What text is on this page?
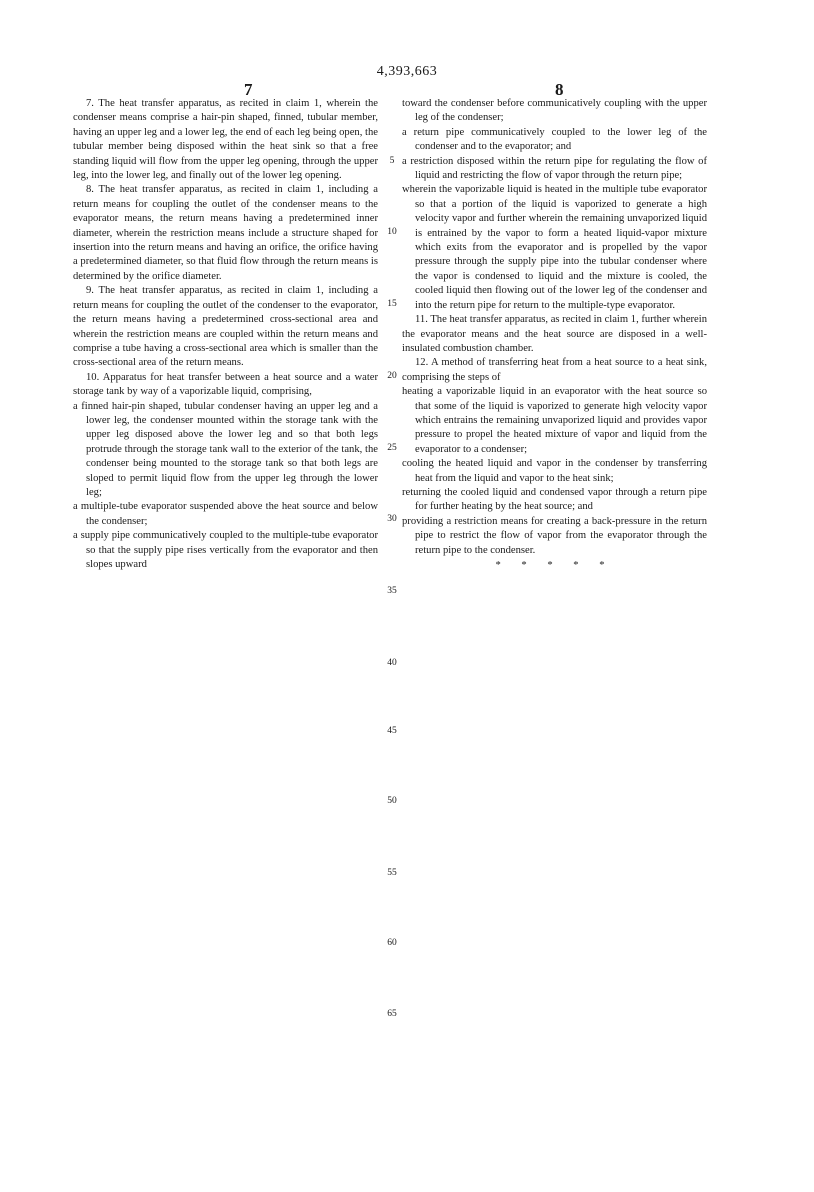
4,393,663
7	8

7. The heat transfer apparatus, as recited in claim 1, wherein the condenser means comprise a hair-pin shaped, finned, tubular member, having an upper leg and a lower leg, the end of each leg being open, the tubular member being disposed within the heat sink so that a free standing liquid will flow from the upper leg opening, through the upper leg, into the lower leg, and finally out of the lower leg opening.

8. The heat transfer apparatus, as recited in claim 1, including a return means for coupling the outlet of the condenser means to the evaporator means, the return means having a predetermined inner diameter, wherein the restriction means include a structure shaped for insertion into the return means and having an orifice, the orifice having a predetermined diameter, so that fluid flow through the return means is determined by the orifice diameter.

9. The heat transfer apparatus, as recited in claim 1, including a return means for coupling the outlet of the condenser to the evaporator, the return means having a predetermined cross-sectional area and wherein the restriction means are coupled within the return means and comprise a tube having a cross-sectional area which is smaller than the cross-sectional area of the return means.

10. Apparatus for heat transfer between a heat source and a water storage tank by way of a vaporizable liquid, comprising,

a finned hair-pin shaped, tubular condenser having an upper leg and a lower leg, the condenser mounted within the storage tank with the upper leg disposed above the lower leg and so that both legs protrude through the storage tank wall to the exterior of the tank, the condenser being mounted to the storage tank so that both legs are sloped to permit liquid flow from the upper leg through the lower leg;

a multiple-tube evaporator suspended above the heat source and below the condenser;

a supply pipe communicatively coupled to the multiple-tube evaporator so that the supply pipe rises vertically from the evaporator and then slopes upward

toward the condenser before communicatively coupling with the upper leg of the condenser;

a return pipe communicatively coupled to the lower leg of the condenser and to the evaporator; and

a restriction disposed within the return pipe for regulating the flow of liquid and restricting the flow of vapor through the return pipe;

wherein the vaporizable liquid is heated in the multiple tube evaporator so that a portion of the liquid is vaporized to generate a high velocity vapor and further wherein the remaining unvaporized liquid is entrained by the vapor to form a heated liquid-vapor mixture which exits from the evaporator and is propelled by the vapor pressure through the supply pipe into the tubular condenser where the vapor is condensed to liquid and the mixture is cooled, the cooled liquid then flowing out of the lower leg of the condenser and into the return pipe for return to the multiple-type evaporator.

11. The heat transfer apparatus, as recited in claim 1, further wherein the evaporator means and the heat source are disposed in a well-insulated combustion chamber.

12. A method of transferring heat from a heat source to a heat sink, comprising the steps of

heating a vaporizable liquid in an evaporator with the heat source so that some of the liquid is vaporized to generate high velocity vapor which entrains the remaining unvaporized liquid and provides vapor pressure to propel the heated mixture of vapor and liquid from the evaporator to a condenser;

cooling the heated liquid and vapor in the condenser by transferring heat from the liquid and vapor to the heat sink;

returning the cooled liquid and condensed vapor through a return pipe for further heating by the heat source; and

providing a restriction means for creating a back-pressure in the return pipe to restrict the flow of vapor from the evaporator through the return pipe to the condenser.

* * * * *

5
10
15
20
25
30
35
40
45
50
55
60
65
